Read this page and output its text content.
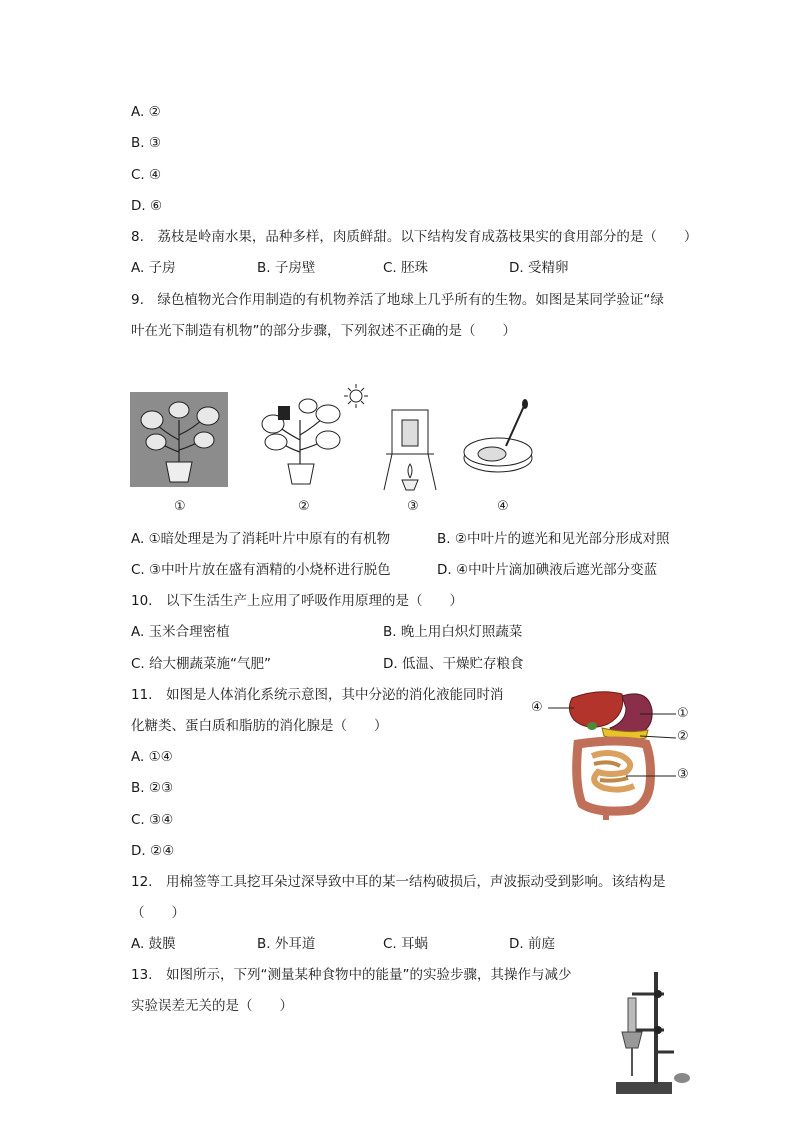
A. ②
B. ③
C. ④
D. ⑥
8.　荔枝是岭南水果，品种多样，肉质鲜甜。以下结构发育成荔枝果实的食用部分的是（　　）
A. 子房	B. 子房壁	C. 胚珠	D. 受精卵
9.　绿色植物光合作用制造的有机物养活了地球上几乎所有的生物。如图是某同学验证“绿
叶在光下制造有机物”的部分步骤，下列叙述不正确的是（　　）
①	②	③	④
A. ①暗处理是为了消耗叶片中原有的有机物	B. ②中叶片的遮光和见光部分形成对照
C. ③中叶片放在盛有酒精的小烧杯进行脱色	D. ④中叶片滴加碘液后遮光部分变蓝
10.　以下生活生产上应用了呼吸作用原理的是（　　）
A. 玉米合理密植	B. 晚上用白炽灯照蔬菜
C. 给大棚蔬菜施“气肥”	D. 低温、干燥贮存粮食
11.　如图是人体消化系统示意图，其中分泌的消化液能同时消
化糖类、蛋白质和脂肪的消化腺是（　　）
A. ①④
B. ②③
C. ③④
D. ②④
④	①
②
③
12.　用棉签等工具挖耳朵过深导致中耳的某一结构破损后，声波振动受到影响。该结构是
（　　）
A. 鼓膜	B. 外耳道	C. 耳蜗	D. 前庭
13.　如图所示，下列“测量某种食物中的能量”的实验步骤，其操作与减少
实验误差无关的是（　　）
